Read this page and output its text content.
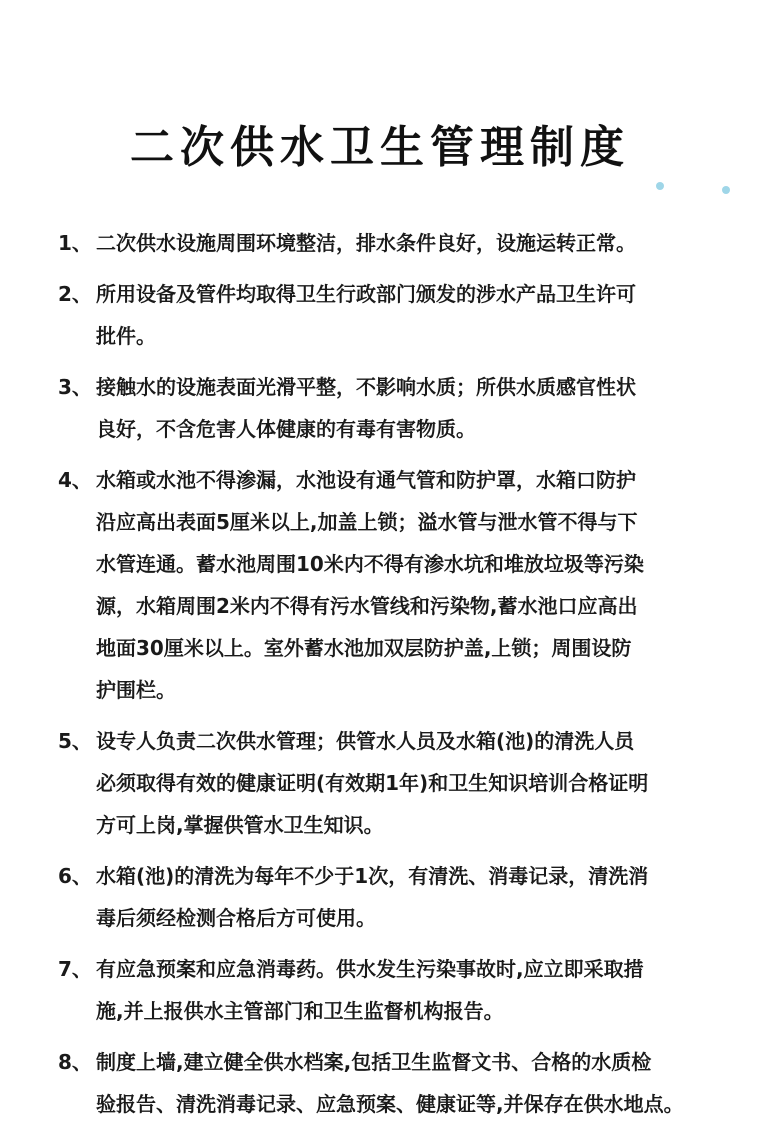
二次供水卫生管理制度
1 、	二次供水设施周围环境整洁，排水条件良好，设施运转正常。
2 、	所用设备及管件均取得卫生行政部门颁发的涉水产品卫生许可
批件。
3 、	接触水的设施表面光滑平整，不影响水质；所供水质感官性状
良好，不含危害人体健康的有毒有害物质。
4 、	水箱或水池不得渗漏，水池设有通气管和防护罩，水箱口防护
沿应高出表面5厘米以上,加盖上锁；溢水管与泄水管不得与下
水管连通。蓄水池周围10米内不得有渗水坑和堆放垃圾等污染
源，水箱周围2米内不得有污水管线和污染物,蓄水池口应高出
地面30厘米以上。室外蓄水池加双层防护盖,上锁；周围设防
护围栏。
5 、	设专人负责二次供水管理；供管水人员及水箱(池)的清洗人员
必须取得有效的健康证明(有效期1年)和卫生知识培训合格证明
方可上岗,掌握供管水卫生知识。
6 、	水箱(池)的清洗为每年不少于1次，有清洗、消毒记录，清洗消
毒后须经检测合格后方可使用。
7 、	有应急预案和应急消毒药。供水发生污染事故时,应立即采取措
施,并上报供水主管部门和卫生监督机构报告。
8 、	制度上墙,建立健全供水档案,包括卫生监督文书、合格的水质检
验报告、清洗消毒记录、应急预案、健康证等,并保存在供水地点。
